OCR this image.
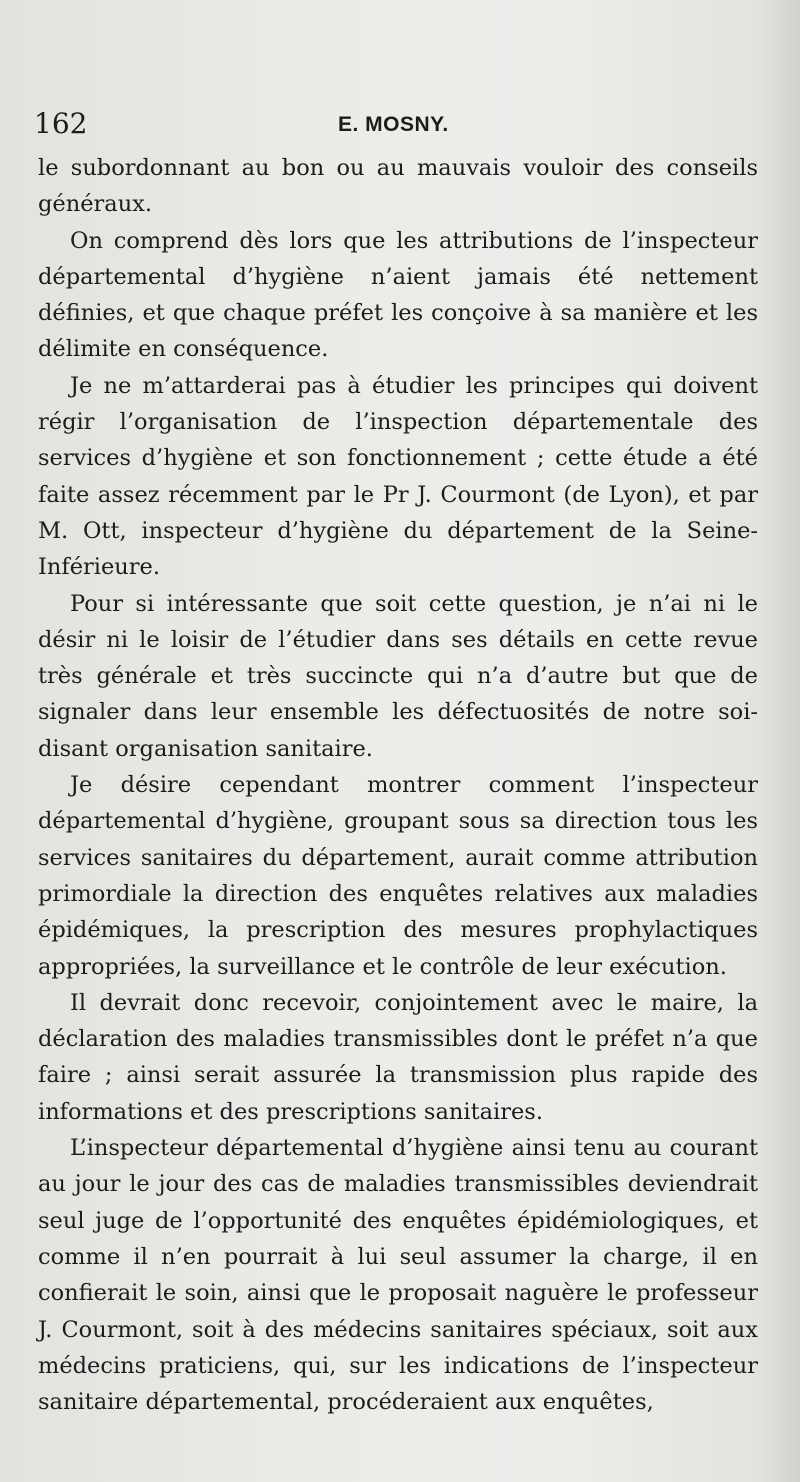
162	E. MOSNY.

le subordonnant au bon ou au mauvais vouloir des conseils généraux.

On comprend dès lors que les attributions de l’inspecteur départemental d’hygiène n’aient jamais été nettement définies, et que chaque préfet les conçoive à sa manière et les délimite en conséquence.

Je ne m’attarderai pas à étudier les principes qui doivent régir l’organisation de l’inspection départementale des services d’hygiène et son fonctionnement ; cette étude a été faite assez récemment par le Pr J. Courmont (de Lyon), et par M. Ott, inspecteur d’hygiène du département de la Seine-Inférieure.

Pour si intéressante que soit cette question, je n’ai ni le désir ni le loisir de l’étudier dans ses détails en cette revue très générale et très succincte qui n’a d’autre but que de signaler dans leur ensemble les défectuosités de notre soi-disant organisation sanitaire.

Je désire cependant montrer comment l’inspecteur départemental d’hygiène, groupant sous sa direction tous les services sanitaires du département, aurait comme attribution primordiale la direction des enquêtes relatives aux maladies épidémiques, la prescription des mesures prophylactiques appropriées, la surveillance et le contrôle de leur exécution.

Il devrait donc recevoir, conjointement avec le maire, la déclaration des maladies transmissibles dont le préfet n’a que faire ; ainsi serait assurée la transmission plus rapide des informations et des prescriptions sanitaires.

L’inspecteur départemental d’hygiène ainsi tenu au courant au jour le jour des cas de maladies transmissibles deviendrait seul juge de l’opportunité des enquêtes épidémiologiques, et comme il n’en pourrait à lui seul assumer la charge, il en confierait le soin, ainsi que le proposait naguère le professeur J. Courmont, soit à des médecins sanitaires spéciaux, soit aux médecins praticiens, qui, sur les indications de l’inspecteur sanitaire départemental, procéderaient aux enquêtes,
